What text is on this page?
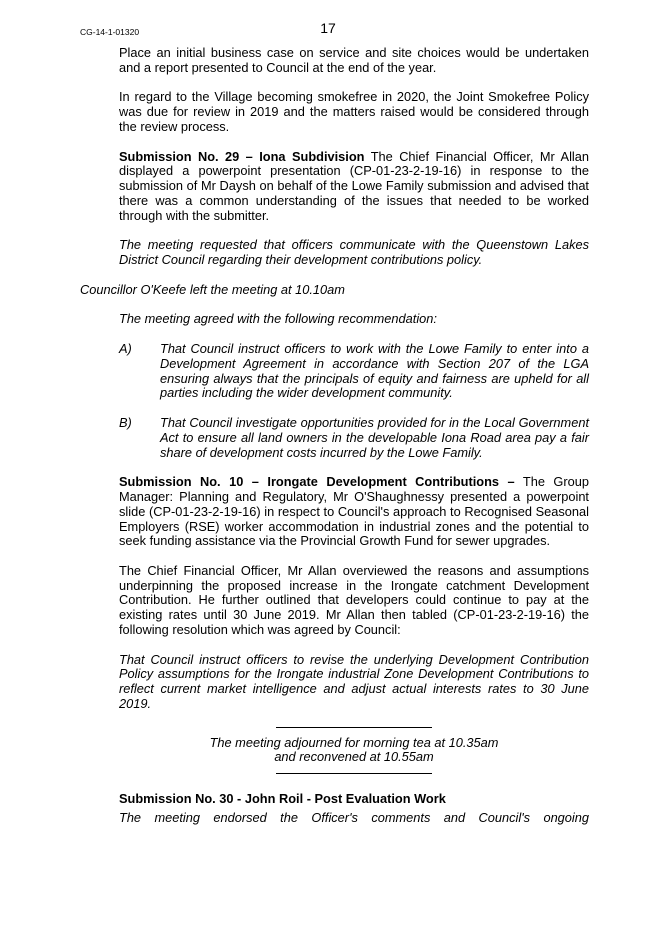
CG-14-1-01320	17

Place an initial business case on service and site choices would be undertaken and a report presented to Council at the end of the year.

In regard to the Village becoming smokefree in 2020, the Joint Smokefree Policy was due for review in 2019 and the matters raised would be considered through the review process.

Submission No. 29 – Iona Subdivision The Chief Financial Officer, Mr Allan displayed a powerpoint presentation (CP-01-23-2-19-16) in response to the submission of Mr Daysh on behalf of the Lowe Family submission and advised that there was a common understanding of the issues that needed to be worked through with the submitter.

The meeting requested that officers communicate with the Queenstown Lakes District Council regarding their development contributions policy.

Councillor O'Keefe left the meeting at 10.10am

The meeting agreed with the following recommendation:

A)	That Council instruct officers to work with the Lowe Family to enter into a Development Agreement in accordance with Section 207 of the LGA ensuring always that the principals of equity and fairness are upheld for all parties including the wider development community.
B)	That Council investigate opportunities provided for in the Local Government Act to ensure all land owners in the developable Iona Road area pay a fair share of development costs incurred by the Lowe Family.

Submission No. 10 – Irongate Development Contributions – The Group Manager: Planning and Regulatory, Mr O'Shaughnessy presented a powerpoint slide (CP-01-23-2-19-16) in respect to Council's approach to Recognised Seasonal Employers (RSE) worker accommodation in industrial zones and the potential to seek funding assistance via the Provincial Growth Fund for sewer upgrades.

The Chief Financial Officer, Mr Allan overviewed the reasons and assumptions underpinning the proposed increase in the Irongate catchment Development Contribution. He further outlined that developers could continue to pay at the existing rates until 30 June 2019. Mr Allan then tabled (CP-01-23-2-19-16) the following resolution which was agreed by Council:

That Council instruct officers to revise the underlying Development Contribution Policy assumptions for the Irongate industrial Zone Development Contributions to reflect current market intelligence and adjust actual interests rates to 30 June 2019.

The meeting adjourned for morning tea at 10.35am
and reconvened at 10.55am

Submission No. 30 - John Roil - Post Evaluation Work

The meeting endorsed the Officer's comments and Council's ongoing
